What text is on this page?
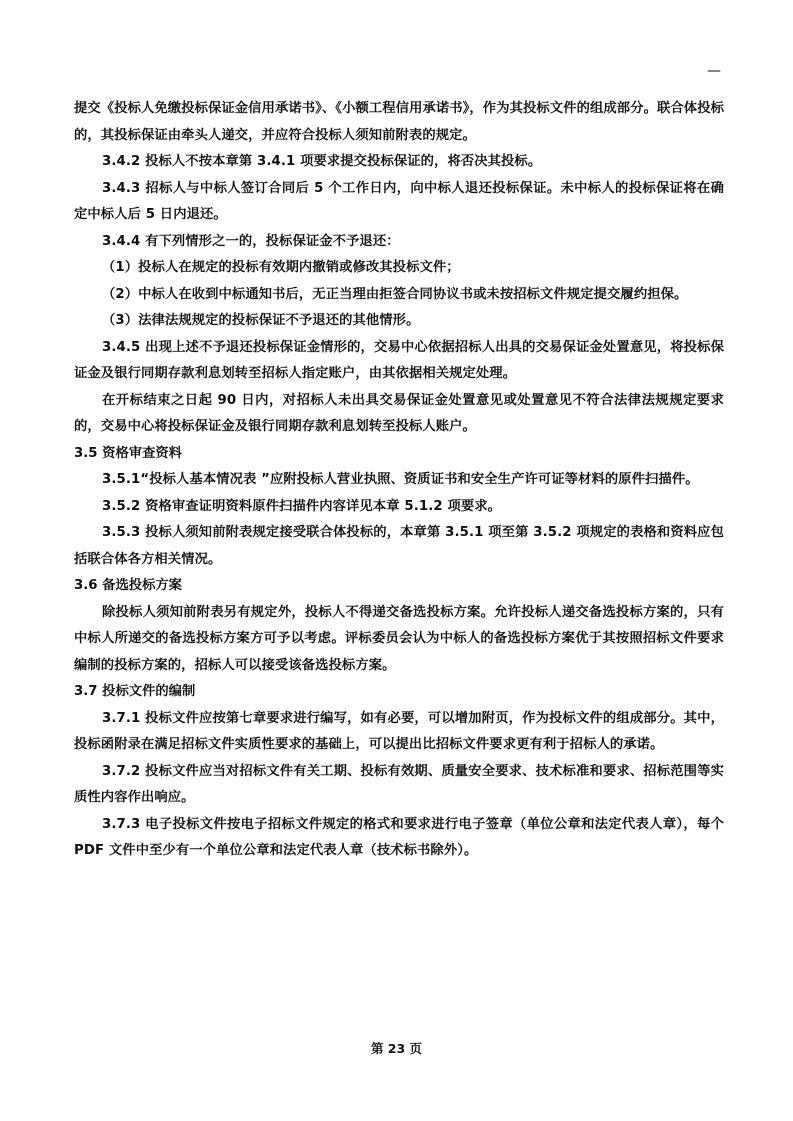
—

提交《投标人免缴投标保证金信用承诺书》、《小额工程信用承诺书》，作为其投标文件的组成部分。联合体投标的，其投标保证由牵头人递交，并应符合投标人须知前附表的规定。

3.4.2 投标人不按本章第 3.4.1 项要求提交投标保证的，将否决其投标。

3.4.3 招标人与中标人签订合同后 5 个工作日内，向中标人退还投标保证。未中标人的投标保证将在确定中标人后 5 日内退还。

3.4.4 有下列情形之一的，投标保证金不予退还：

（1）投标人在规定的投标有效期内撤销或修改其投标文件；

（2）中标人在收到中标通知书后，无正当理由拒签合同协议书或未按招标文件规定提交履约担保。

（3）法律法规规定的投标保证不予退还的其他情形。

3.4.5 出现上述不予退还投标保证金情形的，交易中心依据招标人出具的交易保证金处置意见，将投标保证金及银行同期存款利息划转至招标人指定账户，由其依据相关规定处理。

在开标结束之日起 90 日内，对招标人未出具交易保证金处置意见或处置意见不符合法律法规规定要求的，交易中心将投标保证金及银行同期存款利息划转至投标人账户。

3.5 资格审查资料

3.5.1“投标人基本情况表 ”应附投标人营业执照、资质证书和安全生产许可证等材料的原件扫描件。

3.5.2 资格审查证明资料原件扫描件内容详见本章 5.1.2 项要求。

3.5.3 投标人须知前附表规定接受联合体投标的，本章第 3.5.1 项至第 3.5.2 项规定的表格和资料应包括联合体各方相关情况。

3.6 备选投标方案

除投标人须知前附表另有规定外，投标人不得递交备选投标方案。允许投标人递交备选投标方案的，只有中标人所递交的备选投标方案方可予以考虑。评标委员会认为中标人的备选投标方案优于其按照招标文件要求编制的投标方案的，招标人可以接受该备选投标方案。

3.7 投标文件的编制

3.7.1 投标文件应按第七章要求进行编写，如有必要，可以增加附页，作为投标文件的组成部分。其中，投标函附录在满足招标文件实质性要求的基础上，可以提出比招标文件要求更有利于招标人的承诺。

3.7.2 投标文件应当对招标文件有关工期、投标有效期、质量安全要求、技术标准和要求、招标范围等实质性内容作出响应。

3.7.3 电子投标文件按电子招标文件规定的格式和要求进行电子签章（单位公章和法定代表人章），每个 PDF 文件中至少有一个单位公章和法定代表人章（技术标书除外）。

第 23 页
